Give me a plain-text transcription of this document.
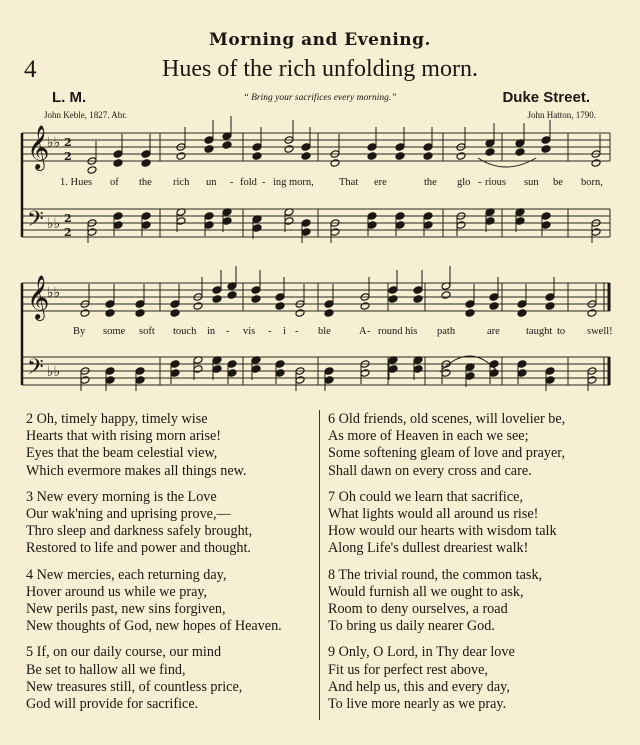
Morning and Evening.
4	Hues of the rich unfolding morn.
L. M.	Duke Street.
“ Bring your sacrifices every morning.”
John Keble, 1827. Abr.	John Hatton, 1790.
𝄞
𝄢
♭♭
♭♭
2
2
2
2
𝄞
𝄢
♭♭
♭♭
1. Hues of the rich un - fold - ing morn, That ere	the glo - rious sun be born,
By some soft touch in - vis - i - ble	A - round his path	are taught to swell!
2 Oh, timely happy, timely wise
Hearts that with rising morn arise!
Eyes that the beam celestial view,
Which evermore makes all things new.
3 New every morning is the Love
Our wak'ning and uprising prove,—
Thro sleep and darkness safely brought,
Restored to life and power and thought.
4 New mercies, each returning day,
Hover around us while we pray,
New perils past, new sins forgiven,
New thoughts of God, new hopes of Heaven.
5 If, on our daily course, our mind
Be set to hallow all we find,
New treasures still, of countless price,
God will provide for sacrifice.
6 Old friends, old scenes, will lovelier be,
As more of Heaven in each we see;
Some softening gleam of love and prayer,
Shall dawn on every cross and care.
7 Oh could we learn that sacrifice,
What lights would all around us rise!
How would our hearts with wisdom talk
Along Life's dullest dreariest walk!
8 The trivial round, the common task,
Would furnish all we ought to ask,
Room to deny ourselves, a road
To bring us daily nearer God.
9 Only, O Lord, in Thy dear love
Fit us for perfect rest above,
And help us, this and every day,
To live more nearly as we pray.
